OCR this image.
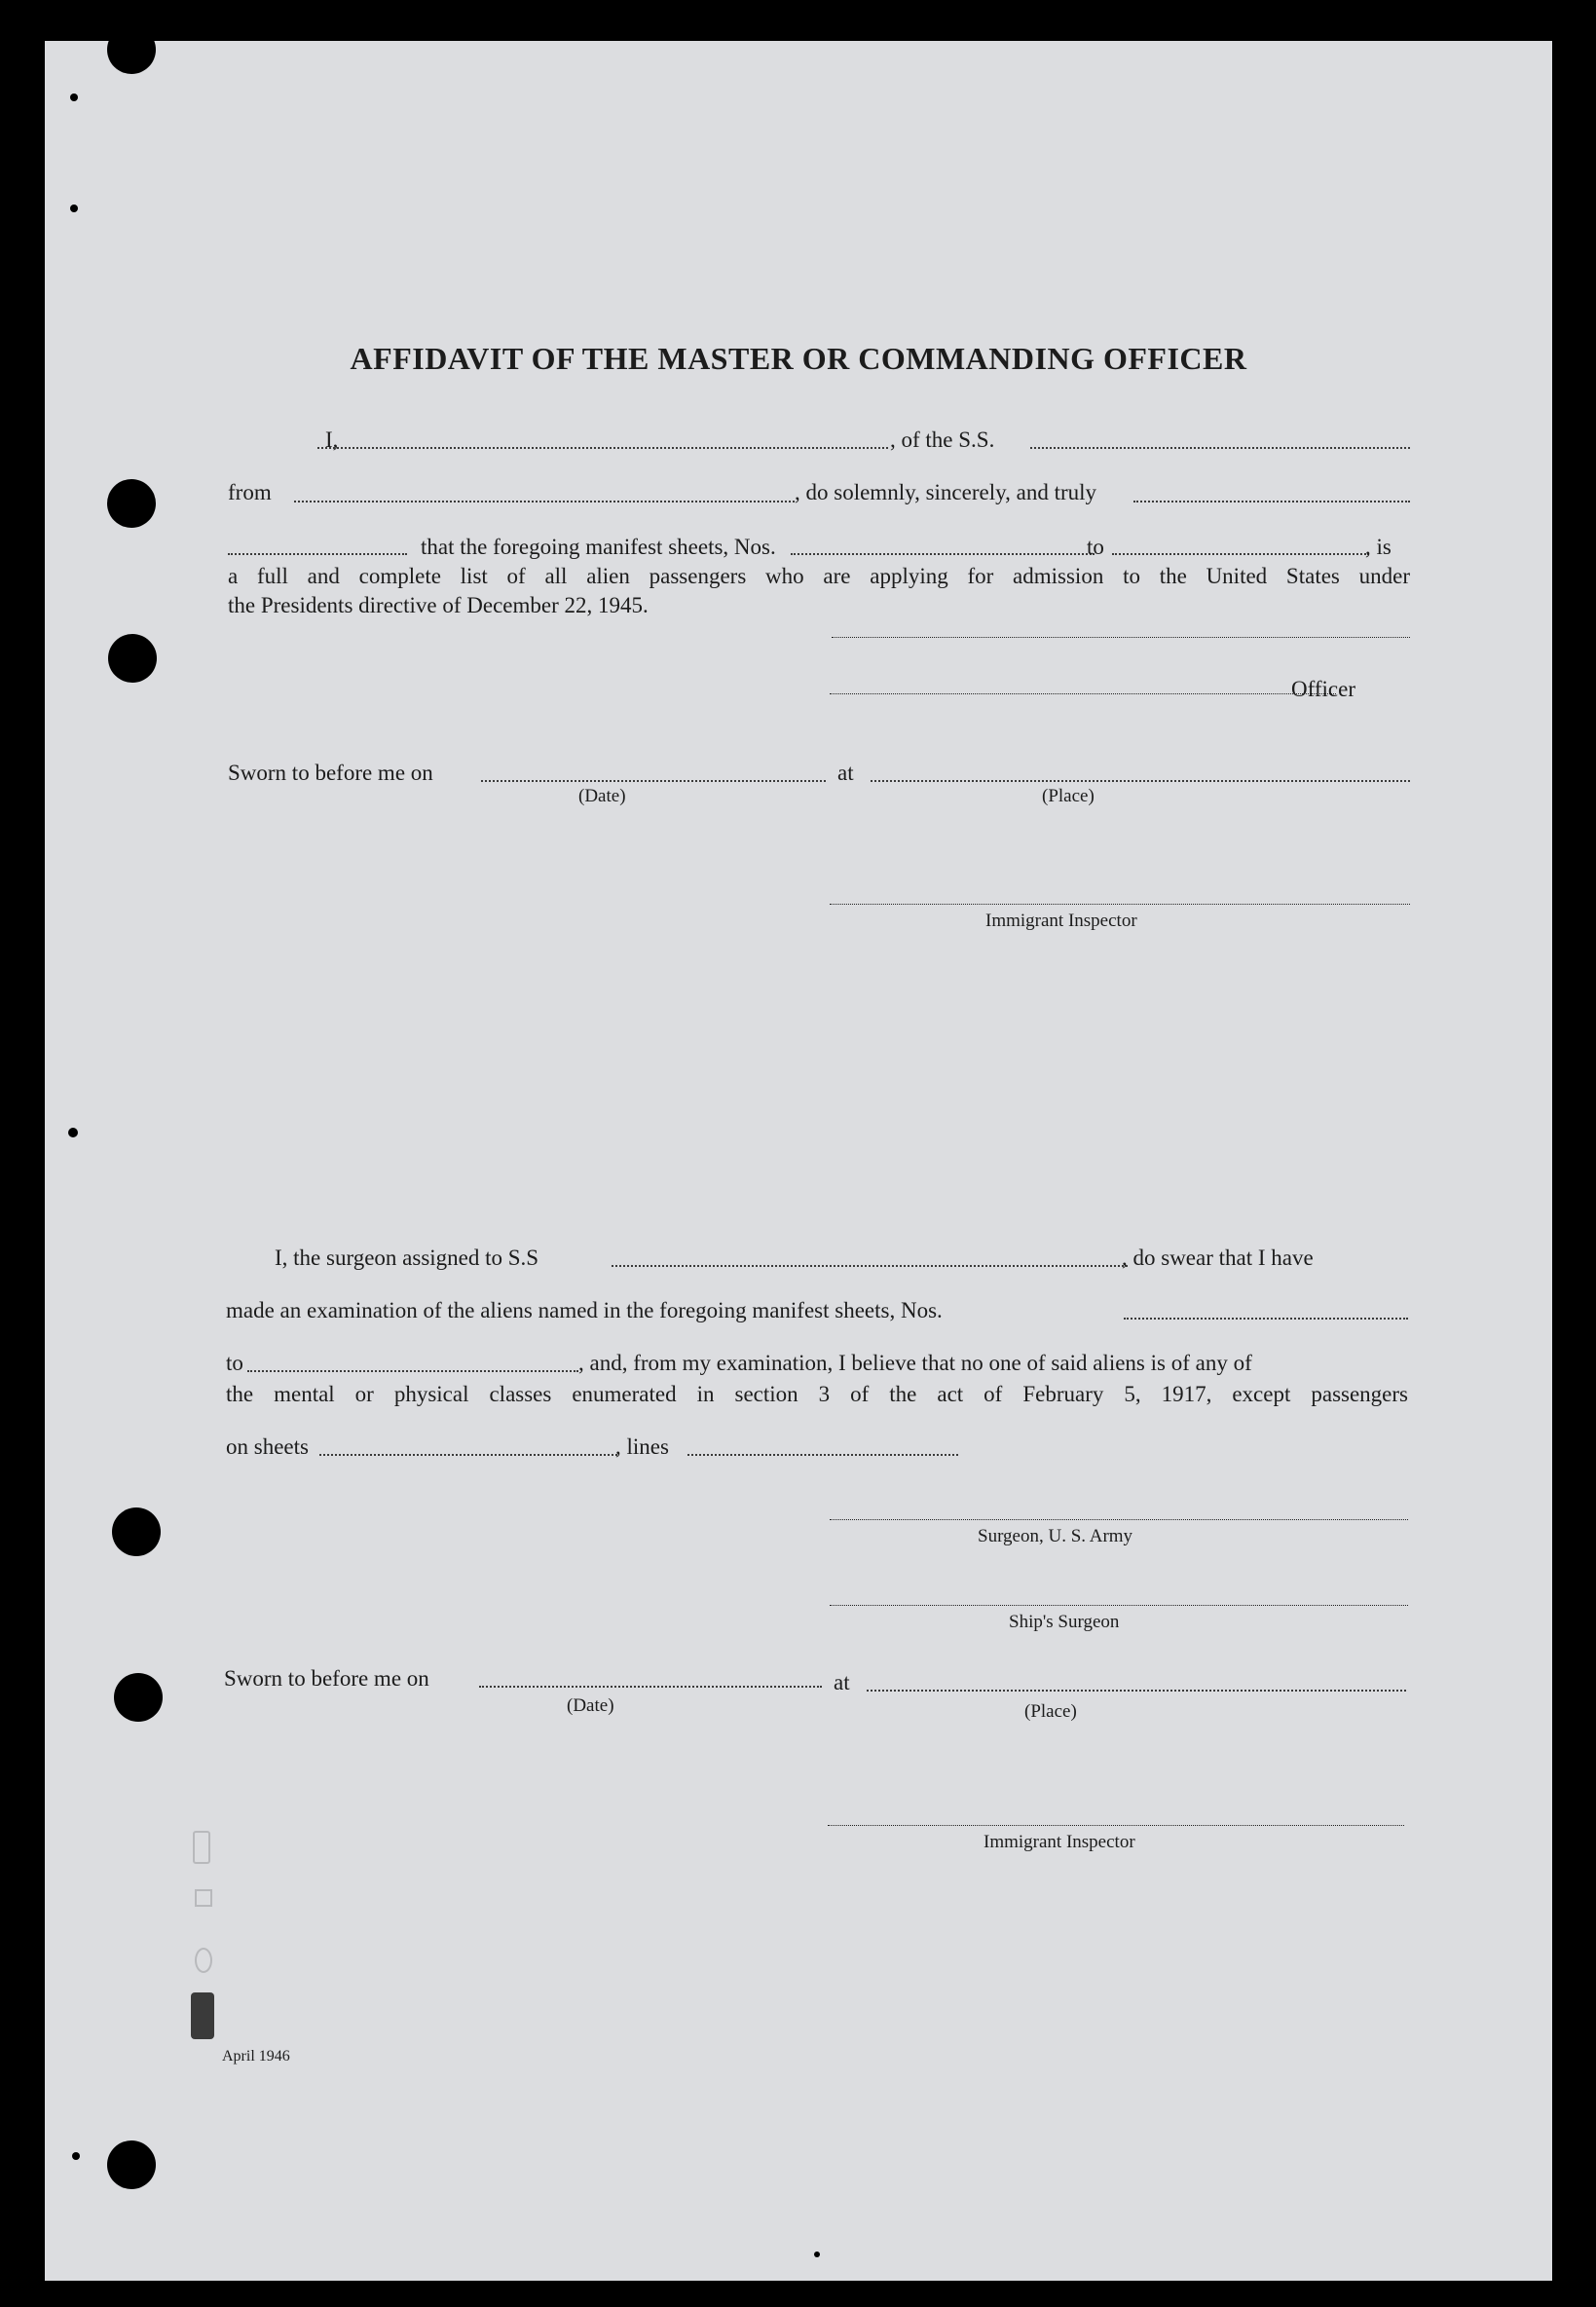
AFFIDAVIT OF THE MASTER OR COMMANDING OFFICER
I,	, of the S.S.
from	, do solemnly, sincerely, and truly
that the foregoing manifest sheets, Nos.	to	, is
a full and complete list of all alien passengers who are applying for admission to the United States under
the Presidents directive of December 22, 1945.
Officer
Sworn to before me on	at
(Date)	(Place)
Immigrant Inspector
I, the surgeon assigned to S.S	, do swear that I have
made an examination of the aliens named in the foregoing manifest sheets, Nos.
to	, and, from my examination, I believe that no one of said aliens is of any of
the mental or physical classes enumerated in section 3 of the act of February 5, 1917, except passengers
on sheets	, lines
Surgeon, U. S. Army
Ship's Surgeon
Sworn to before me on	at
(Date)	(Place)
Immigrant Inspector
April 1946
